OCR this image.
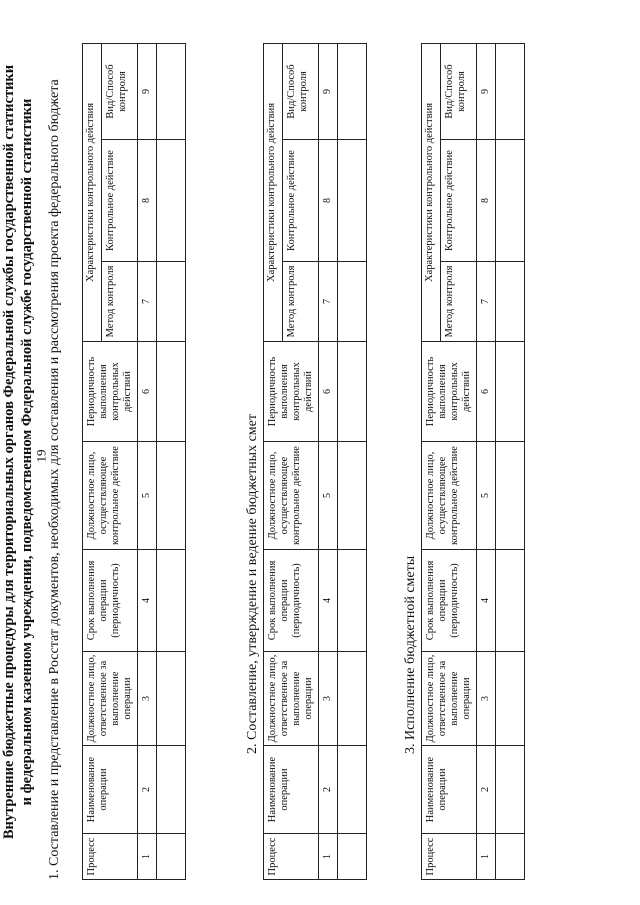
19
Внутренние бюджетные процедуры для территориальных органов Федеральной службы государственной статистики и федеральном казенном учреждении, подведомственном Федеральной службе государственной статистики 1. Составление и представление в Росстат документов, необходимых для составления и рассмотрения проекта федерального бюджета Процесс	Наименование операции	Должностное лицо, ответственное за выполнение операции	Срок выполнения операции (периодичность)	Должностное лицо, осуществляющее контрольное действие	Периодичность выполнения контрольных действий	Характеристики контрольного действия		
						Метод контроля	Контрольное действие	Вид/Способ контроля
1	2	3	4	5	6	7	8	9

2. Составление, утверждение и ведение бюджетных смет
Процесс	Наименование операции	Должностное лицо, ответственное за выполнение операции	Срок выполнения операции (периодичность)	Должностное лицо, осуществляющее контрольное действие	Периодичность выполнения контрольных действий	Характеристики контрольного действия		
						Метод контроля	Контрольное действие	Вид/Способ контроля
1	2	3	4	5	6	7	8	9

3. Исполнение бюджетной сметы
Процесс	Наименование операции	Должностное лицо, ответственное за выполнение операции	Срок выполнения операции (периодичность)	Должностное лицо, осуществляющее контрольное действие	Периодичность выполнения контрольных действий	Характеристики контрольного действия		
						Метод контроля	Контрольное действие	Вид/Способ контроля
1	2	3	4	5	6	7	8	9
